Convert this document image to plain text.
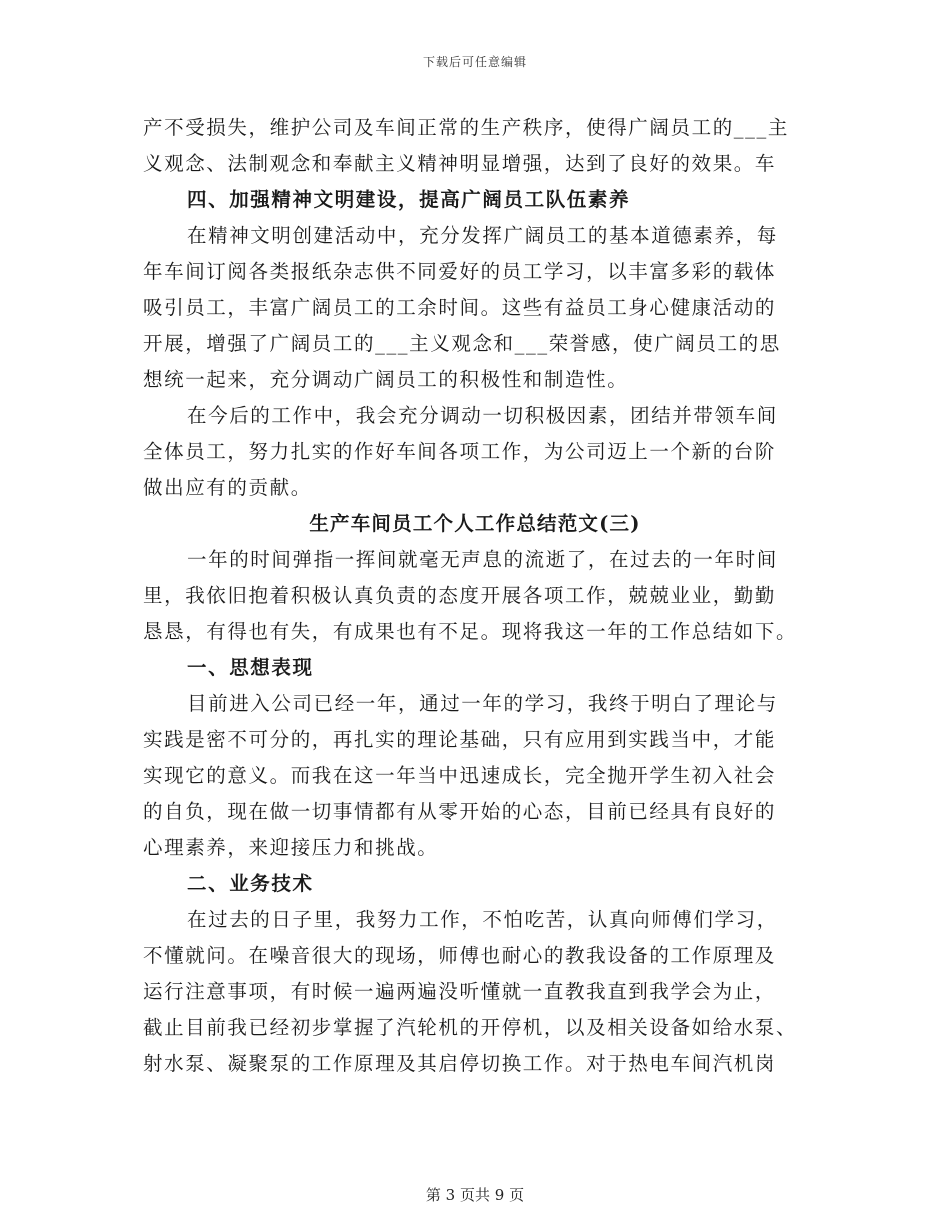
下载后可任意编辑
产不受损失，维护公司及车间正常的生产秩序，使得广阔员工的___主
义观念、法制观念和奉献主义精神明显增强，达到了良好的效果。车
四、加强精神文明建设，提高广阔员工队伍素养
在精神文明创建活动中，充分发挥广阔员工的基本道德素养，每
年车间订阅各类报纸杂志供不同爱好的员工学习，以丰富多彩的载体
吸引员工，丰富广阔员工的工余时间。这些有益员工身心健康活动的
开展，增强了广阔员工的___主义观念和___荣誉感，使广阔员工的思
想统一起来，充分调动广阔员工的积极性和制造性。
在今后的工作中，我会充分调动一切积极因素，团结并带领车间
全体员工，努力扎实的作好车间各项工作，为公司迈上一个新的台阶
做出应有的贡献。
生产车间员工个人工作总结范文(三)
一年的时间弹指一挥间就毫无声息的流逝了，在过去的一年时间
里，我依旧抱着积极认真负责的态度开展各项工作，兢兢业业，勤勤
恳恳，有得也有失，有成果也有不足。现将我这一年的工作总结如下。
一、思想表现
目前进入公司已经一年，通过一年的学习，我终于明白了理论与
实践是密不可分的，再扎实的理论基础，只有应用到实践当中，才能
实现它的意义。而我在这一年当中迅速成长，完全抛开学生初入社会
的自负，现在做一切事情都有从零开始的心态，目前已经具有良好的
心理素养，来迎接压力和挑战。
二、业务技术
在过去的日子里，我努力工作，不怕吃苦，认真向师傅们学习，
不懂就问。在噪音很大的现场，师傅也耐心的教我设备的工作原理及
运行注意事项，有时候一遍两遍没听懂就一直教我直到我学会为止，
截止目前我已经初步掌握了汽轮机的开停机，以及相关设备如给水泵、
射水泵、凝聚泵的工作原理及其启停切换工作。对于热电车间汽机岗
第 3 页共 9 页
